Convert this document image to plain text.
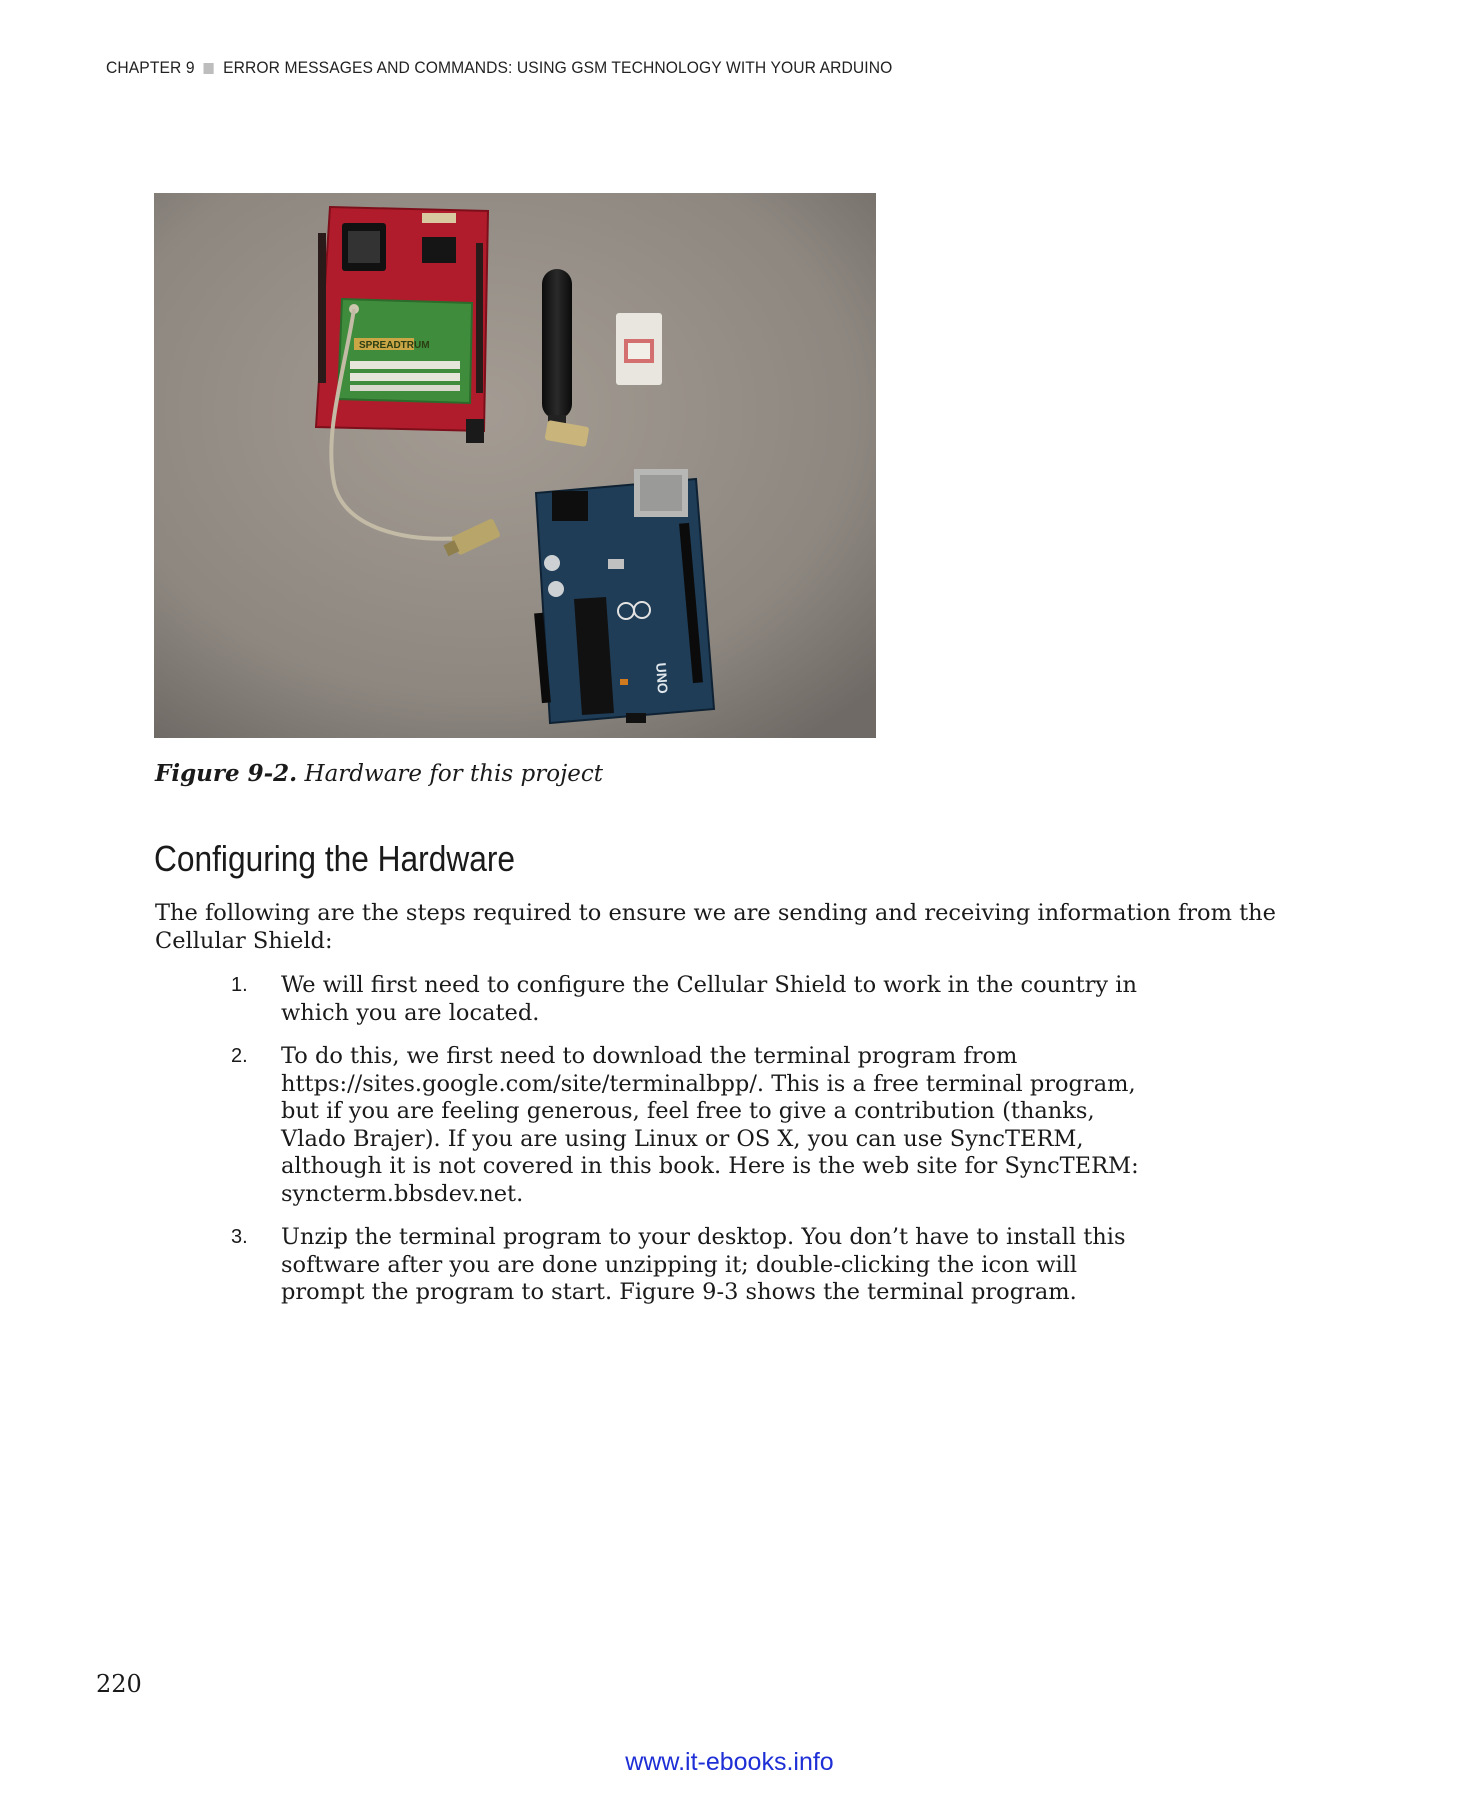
CHAPTER 9 ERROR MESSAGES AND COMMANDS: USING GSM TECHNOLOGY WITH YOUR ARDUINO
SPREADTRUM
UNO
Figure 9-2. Hardware for this project
Configuring the Hardware
The following are the steps required to ensure we are sending and receiving information from the Cellular Shield:
1. We will first need to configure the Cellular Shield to work in the country in which you are located.
2. To do this, we first need to download the terminal program from https://sites.google.com/site/terminalbpp/. This is a free terminal program, but if you are feeling generous, feel free to give a contribution (thanks, Vlado Brajer). If you are using Linux or OS X, you can use SyncTERM, although it is not covered in this book. Here is the web site for SyncTERM: syncterm.bbsdev.net.
3. Unzip the terminal program to your desktop. You don’t have to install this software after you are done unzipping it; double-clicking the icon will prompt the program to start. Figure 9-3 shows the terminal program.
220
www.it-ebooks.info
